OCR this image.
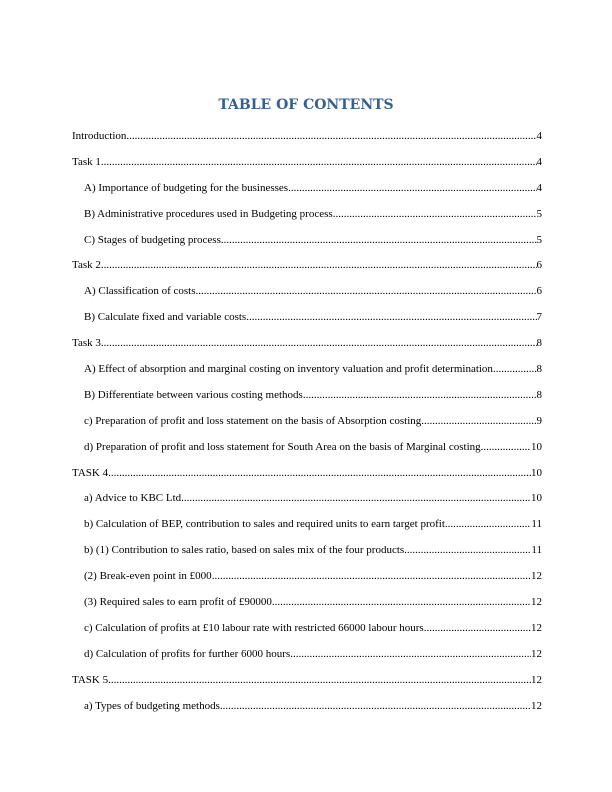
TABLE OF CONTENTS
Introduction .....	4
Task 1 .....	4
A) Importance of budgeting for the businesses .....	4
B) Administrative procedures used in Budgeting process .....	5
C) Stages of budgeting process .....	5
Task 2 .....	6
A) Classification of costs .....	6
B) Calculate fixed and variable costs .....	7
Task 3 .....	8
A) Effect of absorption and marginal costing on inventory valuation and profit determination .....	8
B) Differentiate between various costing methods .....	8
c) Preparation of profit and loss statement on the basis of Absorption costing .....	9
d) Preparation of profit and loss statement for South Area on the basis of Marginal costing .....	10
TASK 4 .....	10
a) Advice to KBC Ltd .....	10
b) Calculation of BEP, contribution to sales and required units to earn target profit .....	11
b) (1) Contribution to sales ratio, based on sales mix of the four products .....	11
(2) Break-even point in £000 .....	12
(3) Required sales to earn profit of £90000 .....	12
c) Calculation of profits at £10 labour rate with restricted 66000 labour hours .....	12
d) Calculation of profits for further 6000 hours .....	12
TASK 5 .....	12
a) Types of budgeting methods .....	12
